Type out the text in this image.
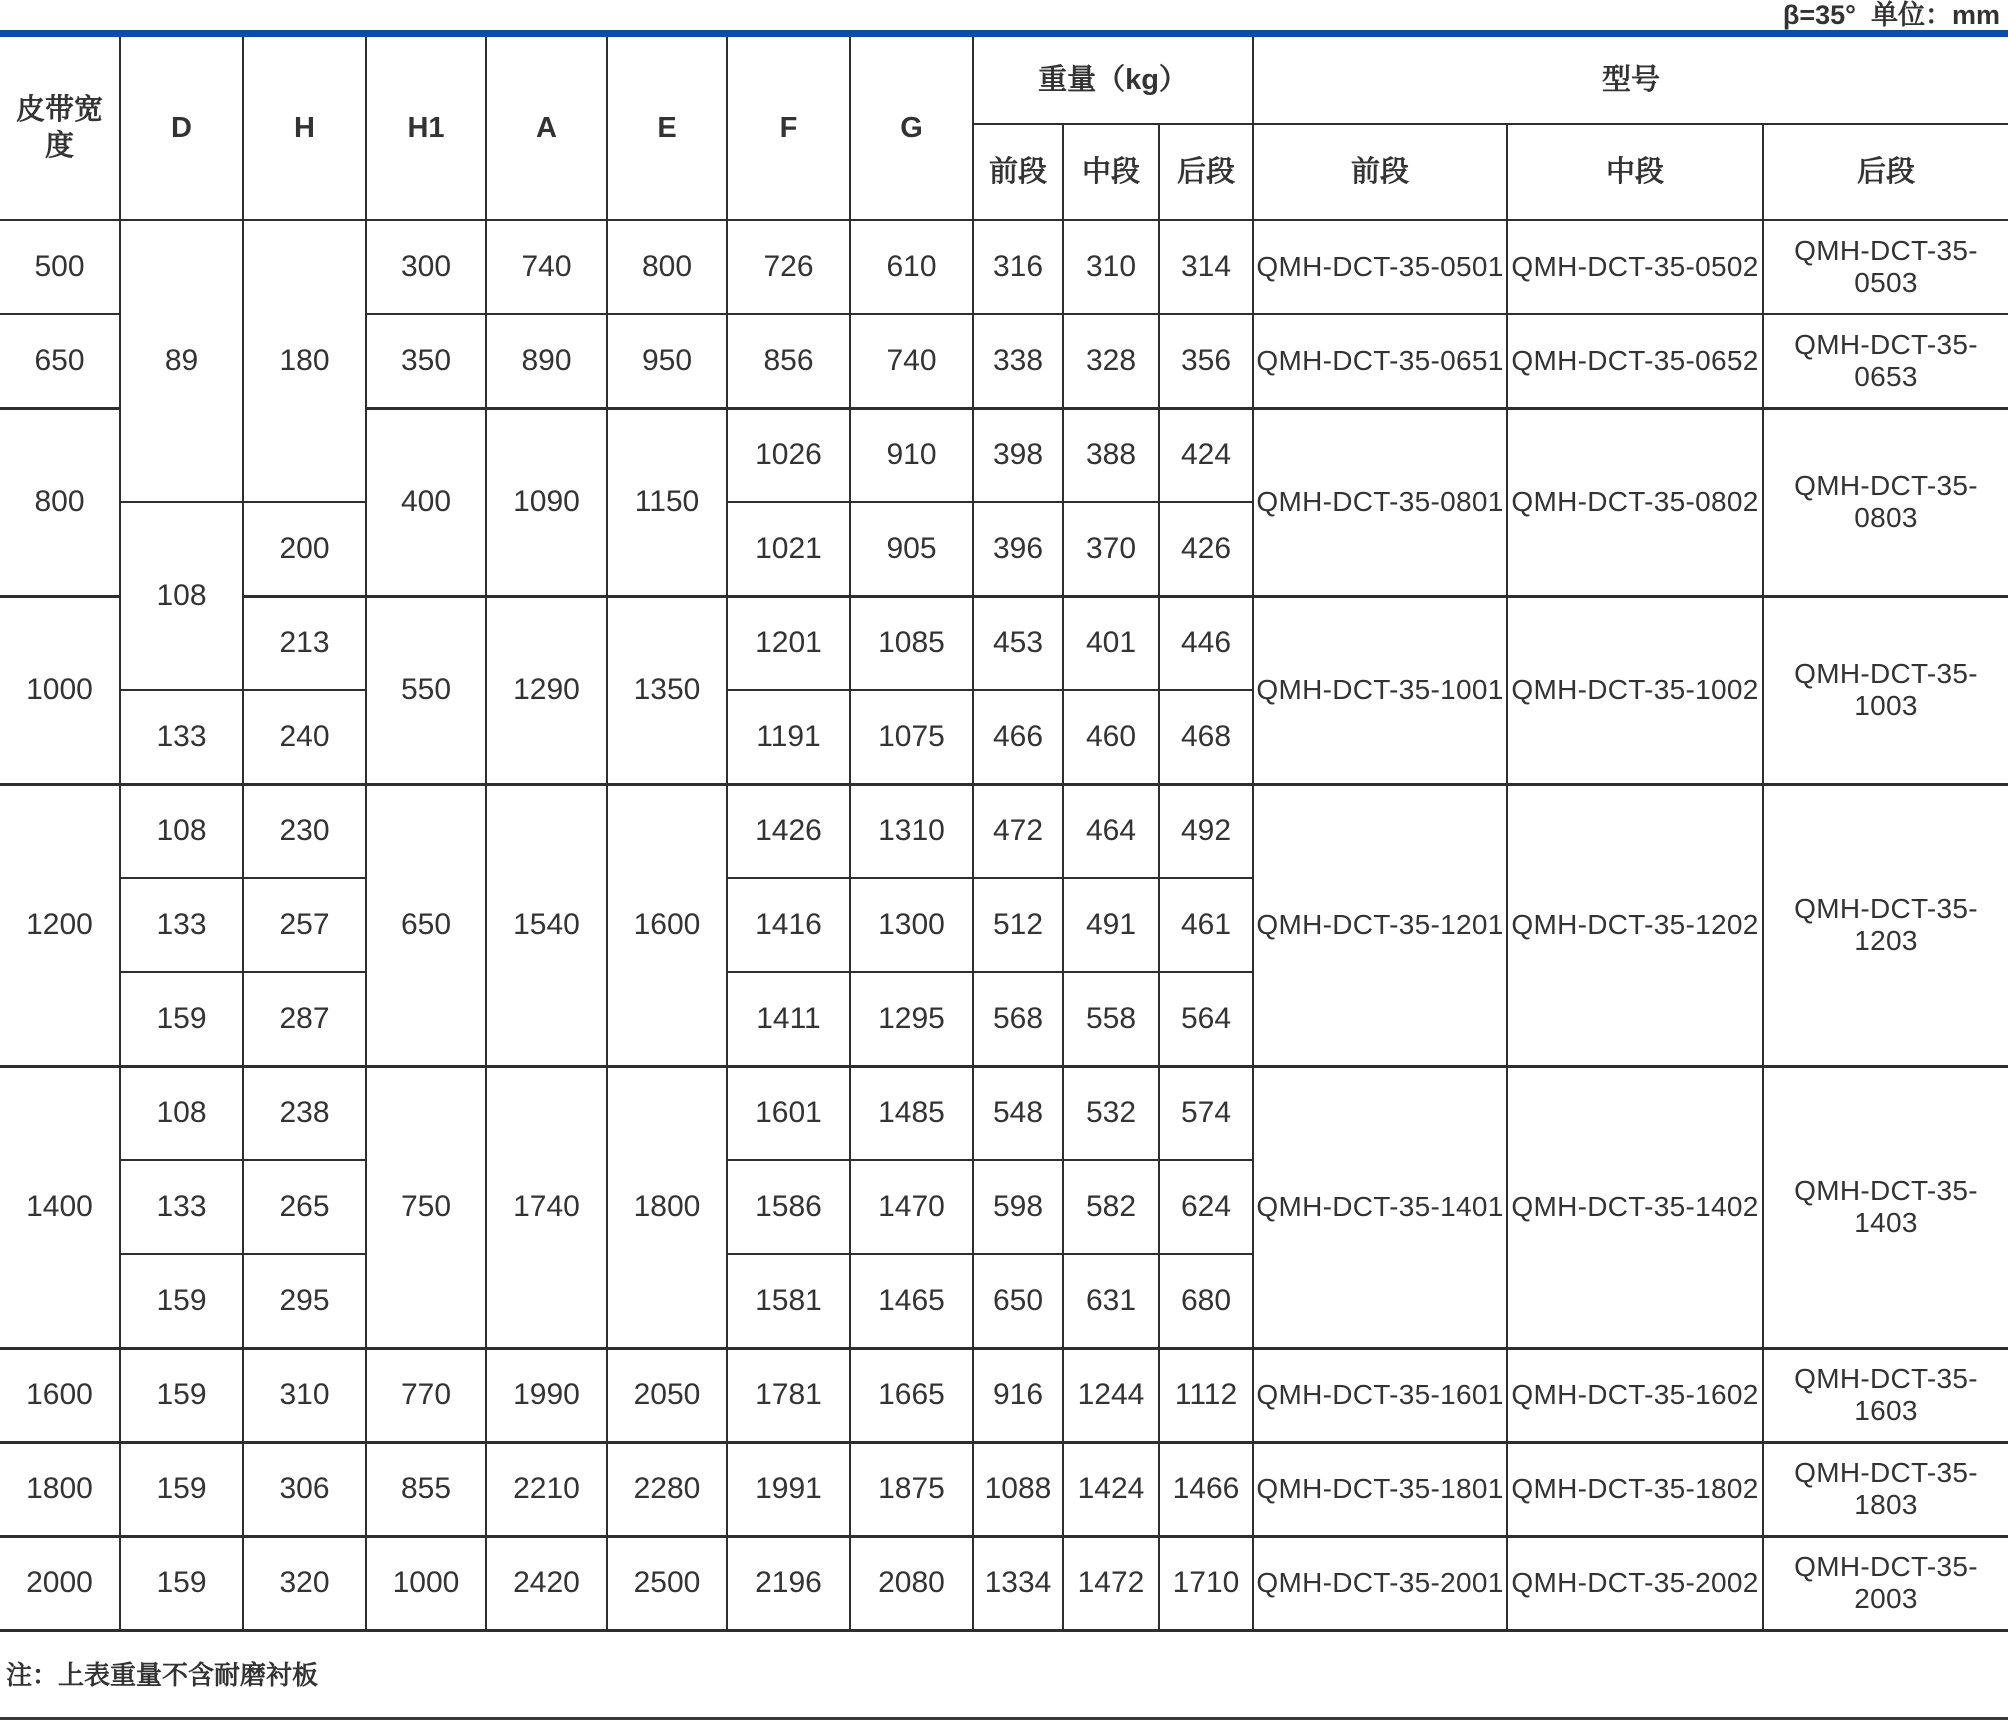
β=35°  单位：mm
皮带宽度	D	H	H1	A	E	F	G	重量（kg）			型号		
								前段	中段	后段	前段	中段	后段
500	89	180	300	740	800	726	610	316	310	314	QMH-DCT-35-0501	QMH-DCT-35-0502	QMH-DCT-35-0503
650			350	890	950	856	740	338	328	356	QMH-DCT-35-0651	QMH-DCT-35-0652	QMH-DCT-35-0653
800			400	1090	1150	1026	910	398	388	424	QMH-DCT-35-0801	QMH-DCT-35-0802	QMH-DCT-35-0803
	108	200				1021	905	396	370	426			
1000		213	550	1290	1350	1201	1085	453	401	446	QMH-DCT-35-1001	QMH-DCT-35-1002	QMH-DCT-35-1003
	133	240				1191	1075	466	460	468			
1200	108	230	650	1540	1600	1426	1310	472	464	492	QMH-DCT-35-1201	QMH-DCT-35-1202	QMH-DCT-35-1203
	133	257				1416	1300	512	491	461			
	159	287				1411	1295	568	558	564			
1400	108	238	750	1740	1800	1601	1485	548	532	574	QMH-DCT-35-1401	QMH-DCT-35-1402	QMH-DCT-35-1403
	133	265				1586	1470	598	582	624			
	159	295				1581	1465	650	631	680			
1600	159	310	770	1990	2050	1781	1665	916	1244	1112	QMH-DCT-35-1601	QMH-DCT-35-1602	QMH-DCT-35-1603
1800	159	306	855	2210	2280	1991	1875	1088	1424	1466	QMH-DCT-35-1801	QMH-DCT-35-1802	QMH-DCT-35-1803
2000	159	320	1000	2420	2500	2196	2080	1334	1472	1710	QMH-DCT-35-2001	QMH-DCT-35-2002	QMH-DCT-35-2003
注：上表重量不含耐磨衬板
